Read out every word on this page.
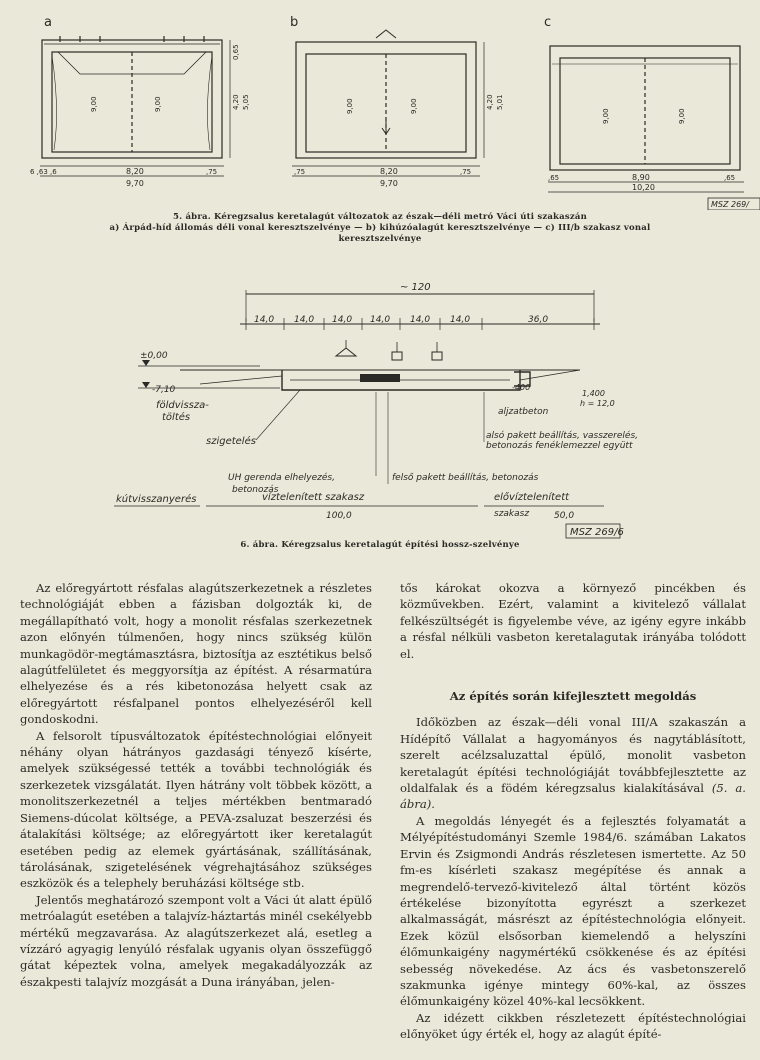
a	b	c
9,00	9,00
8,20
9,70
6 ,63 ,6	,75
4,20 5,05
0,65
9,00	9,00
8,20
9,70
,75	,75
4,20 5,01
9,00	9,00
8,90
10,20
,65	,65
MSZ 269/
5. ábra. Kéregzsalus keretalagút változatok az észak—déli metró Váci úti szakaszán
a) Árpád-híd állomás déli vonal keresztszelvénye — b) kihúzóalagút keresztszelvénye — c) III/b szakasz vonal
keresztszelvénye
~ 120
14,0 14,0 14,0 14,0 14,0 14,0	36,0
±0,00
-7,10
földvissza-
töltés
szigetelés
aljzatbeton
alsó pakett beállítás, vasszerelés,
betonozás fenéklemezzel együtt
UH gerenda elhelyezés,
betonozás
felső pakett beállítás, betonozás
-400
1,400
h = 12,0
kútvisszanyerés	víztelenített szakasz
100,0
elővíztelenített
szakasz	50,0
MSZ 269/6
6. ábra. Kéregzsalus keretalagút építési hossz-szelvénye

Az előregyártott résfalas alagútszerkezetnek a részletes technológiáját ebben a fázisban dolgozták ki, de megállapítható volt, hogy a monolit résfalas szerkezetnek azon előnyén túlmenően, hogy nincs szükség külön munkagödör-megtámasztásra, biztosítja az esztétikus belső alagútfelületet és meggyorsítja az építést. A résarmatúra elhelyezése és a rés kibetonozása helyett csak az előregyártott résfalpanel pontos elhelyezéséről kell gondoskodni.

A felsorolt típusváltozatok építéstechnológiai előnyeit néhány olyan hátrányos gazdasági tényező kísérte, amelyek szükségessé tették a további technológiák és szerkezetek vizsgálatát. Ilyen hátrány volt többek között, a monolitszerkezetnél a teljes mértékben bentmaradó Siemens-dúcolat költsége, a PEVA-zsaluzat beszerzési és átalakítási költsége; az előregyártott iker keretalagút esetében pedig az elemek gyártásának, szállításának, tárolásának, szigetelésének végrehajtásához szükséges eszközök és a telephely beruházási költsége stb.

Jelentős meghatározó szempont volt a Váci út alatt épülő metróalagút esetében a talajvíz-háztartás minél csekélyebb mértékű megzavarása. Az alagútszerkezet alá, esetleg a vízzáró agyagig lenyúló résfalak ugyanis olyan összefüggő gátat képeztek volna, amelyek megakadályozzák az északpesti talajvíz mozgását a Duna irányában, jelen-

tős károkat okozva a környező pincékben és közművekben. Ezért, valamint a kivitelező vállalat felkészültségét is figyelembe véve, az igény egyre inkább a résfal nélküli vasbeton keretalagutak irányába tolódott el.

Az építés során kifejlesztett megoldás

Időközben az észak—déli vonal III/A szakaszán a Hídépítő Vállalat a hagyományos és nagytáblásított, szerelt acélzsaluzattal épülő, monolit vasbeton keretalagút építési technológiáját továbbfejlesztette az oldalfalak és a födém kéregzsalus kialakításával (5. a. ábra).

A megoldás lényegét és a fejlesztés folyamatát a Mélyépítéstudományi Szemle 1984/6. számában Lakatos Ervin és Zsigmondi András részletesen ismertette. Az 50 fm-es kísérleti szakasz megépítése és annak a megrendelő-tervező-kivitelező által történt közös értékelése bizonyította egyrészt a szerkezet alkalmasságát, másrészt az építéstechnológia előnyeit. Ezek közül elsősorban kiemelendő a helyszíni élőmunkaigény nagymértékű csökkenése és az építési sebesség növekedése. Az ács és vasbetonszerelő szakmunka igénye mintegy 60%-kal, az összes élőmunkaigény közel 40%-kal lecsökkent.

Az idézett cikkben részletezett építéstechnológiai előnyöket úgy érték el, hogy az alagút építé-
